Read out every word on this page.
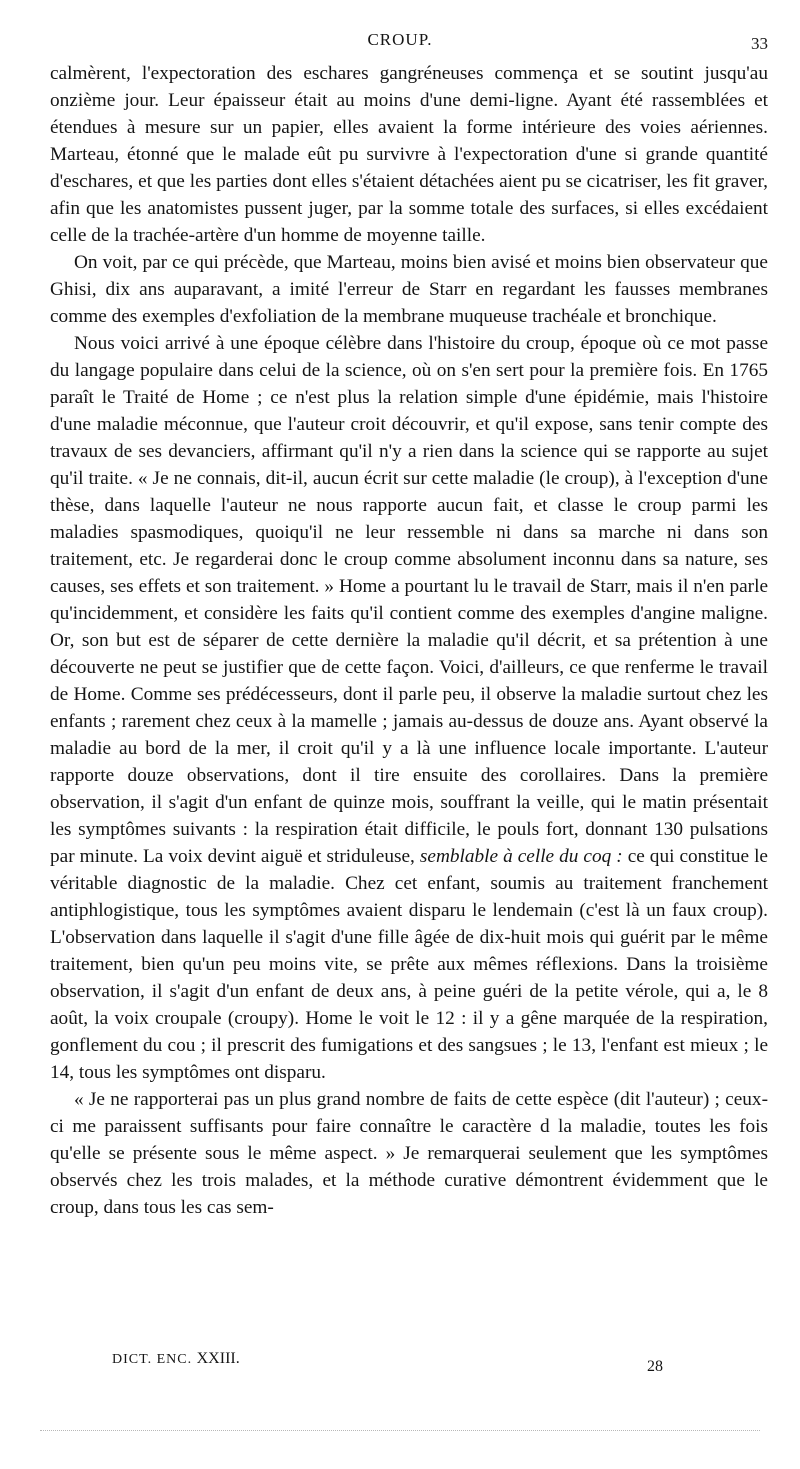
CROUP.	33

calmèrent, l'expectoration des eschares gangréneuses commença et se soutint jusqu'au onzième jour. Leur épaisseur était au moins d'une demi-ligne. Ayant été rassemblées et étendues à mesure sur un papier, elles avaient la forme intérieure des voies aériennes. Marteau, étonné que le malade eût pu survivre à l'expectoration d'une si grande quantité d'eschares, et que les parties dont elles s'étaient détachées aient pu se cicatriser, les fit graver, afin que les anatomistes pussent juger, par la somme totale des surfaces, si elles excédaient celle de la trachée-artère d'un homme de moyenne taille.

On voit, par ce qui précède, que Marteau, moins bien avisé et moins bien observateur que Ghisi, dix ans auparavant, a imité l'erreur de Starr en regardant les fausses membranes comme des exemples d'exfoliation de la membrane muqueuse trachéale et bronchique.

Nous voici arrivé à une époque célèbre dans l'histoire du croup, époque où ce mot passe du langage populaire dans celui de la science, où on s'en sert pour la première fois. En 1765 paraît le Traité de Home ; ce n'est plus la relation simple d'une épidémie, mais l'histoire d'une maladie méconnue, que l'auteur croit découvrir, et qu'il expose, sans tenir compte des travaux de ses devanciers, affirmant qu'il n'y a rien dans la science qui se rapporte au sujet qu'il traite. « Je ne connais, dit-il, aucun écrit sur cette maladie (le croup), à l'exception d'une thèse, dans laquelle l'auteur ne nous rapporte aucun fait, et classe le croup parmi les maladies spasmodiques, quoiqu'il ne leur ressemble ni dans sa marche ni dans son traitement, etc. Je regarderai donc le croup comme absolument inconnu dans sa nature, ses causes, ses effets et son traitement. » Home a pourtant lu le travail de Starr, mais il n'en parle qu'incidemment, et considère les faits qu'il contient comme des exemples d'angine maligne. Or, son but est de séparer de cette dernière la maladie qu'il décrit, et sa prétention à une découverte ne peut se justifier que de cette façon. Voici, d'ailleurs, ce que renferme le travail de Home. Comme ses prédécesseurs, dont il parle peu, il observe la maladie surtout chez les enfants ; rarement chez ceux à la mamelle ; jamais au-dessus de douze ans. Ayant observé la maladie au bord de la mer, il croit qu'il y a là une influence locale importante. L'auteur rapporte douze observations, dont il tire ensuite des corollaires. Dans la première observation, il s'agit d'un enfant de quinze mois, souffrant la veille, qui le matin présentait les symptômes suivants : la respiration était difficile, le pouls fort, donnant 130 pulsations par minute. La voix devint aiguë et striduleuse, semblable à celle du coq : ce qui constitue le véritable diagnostic de la maladie. Chez cet enfant, soumis au traitement franchement antiphlogistique, tous les symptômes avaient disparu le lendemain (c'est là un faux croup). L'observation dans laquelle il s'agit d'une fille âgée de dix-huit mois qui guérit par le même traitement, bien qu'un peu moins vite, se prête aux mêmes réflexions. Dans la troisième observation, il s'agit d'un enfant de deux ans, à peine guéri de la petite vérole, qui a, le 8 août, la voix croupale (croupy). Home le voit le 12 : il y a gêne marquée de la respiration, gonflement du cou ; il prescrit des fumigations et des sangsues ; le 13, l'enfant est mieux ; le 14, tous les symptômes ont disparu.

« Je ne rapporterai pas un plus grand nombre de faits de cette espèce (dit l'auteur) ; ceux-ci me paraissent suffisants pour faire connaître le caractère d la maladie, toutes les fois qu'elle se présente sous le même aspect. » Je remarquerai seulement que les symptômes observés chez les trois malades, et la méthode curative démontrent évidemment que le croup, dans tous les cas sem-

DICT. ENC. XXIII.	28
